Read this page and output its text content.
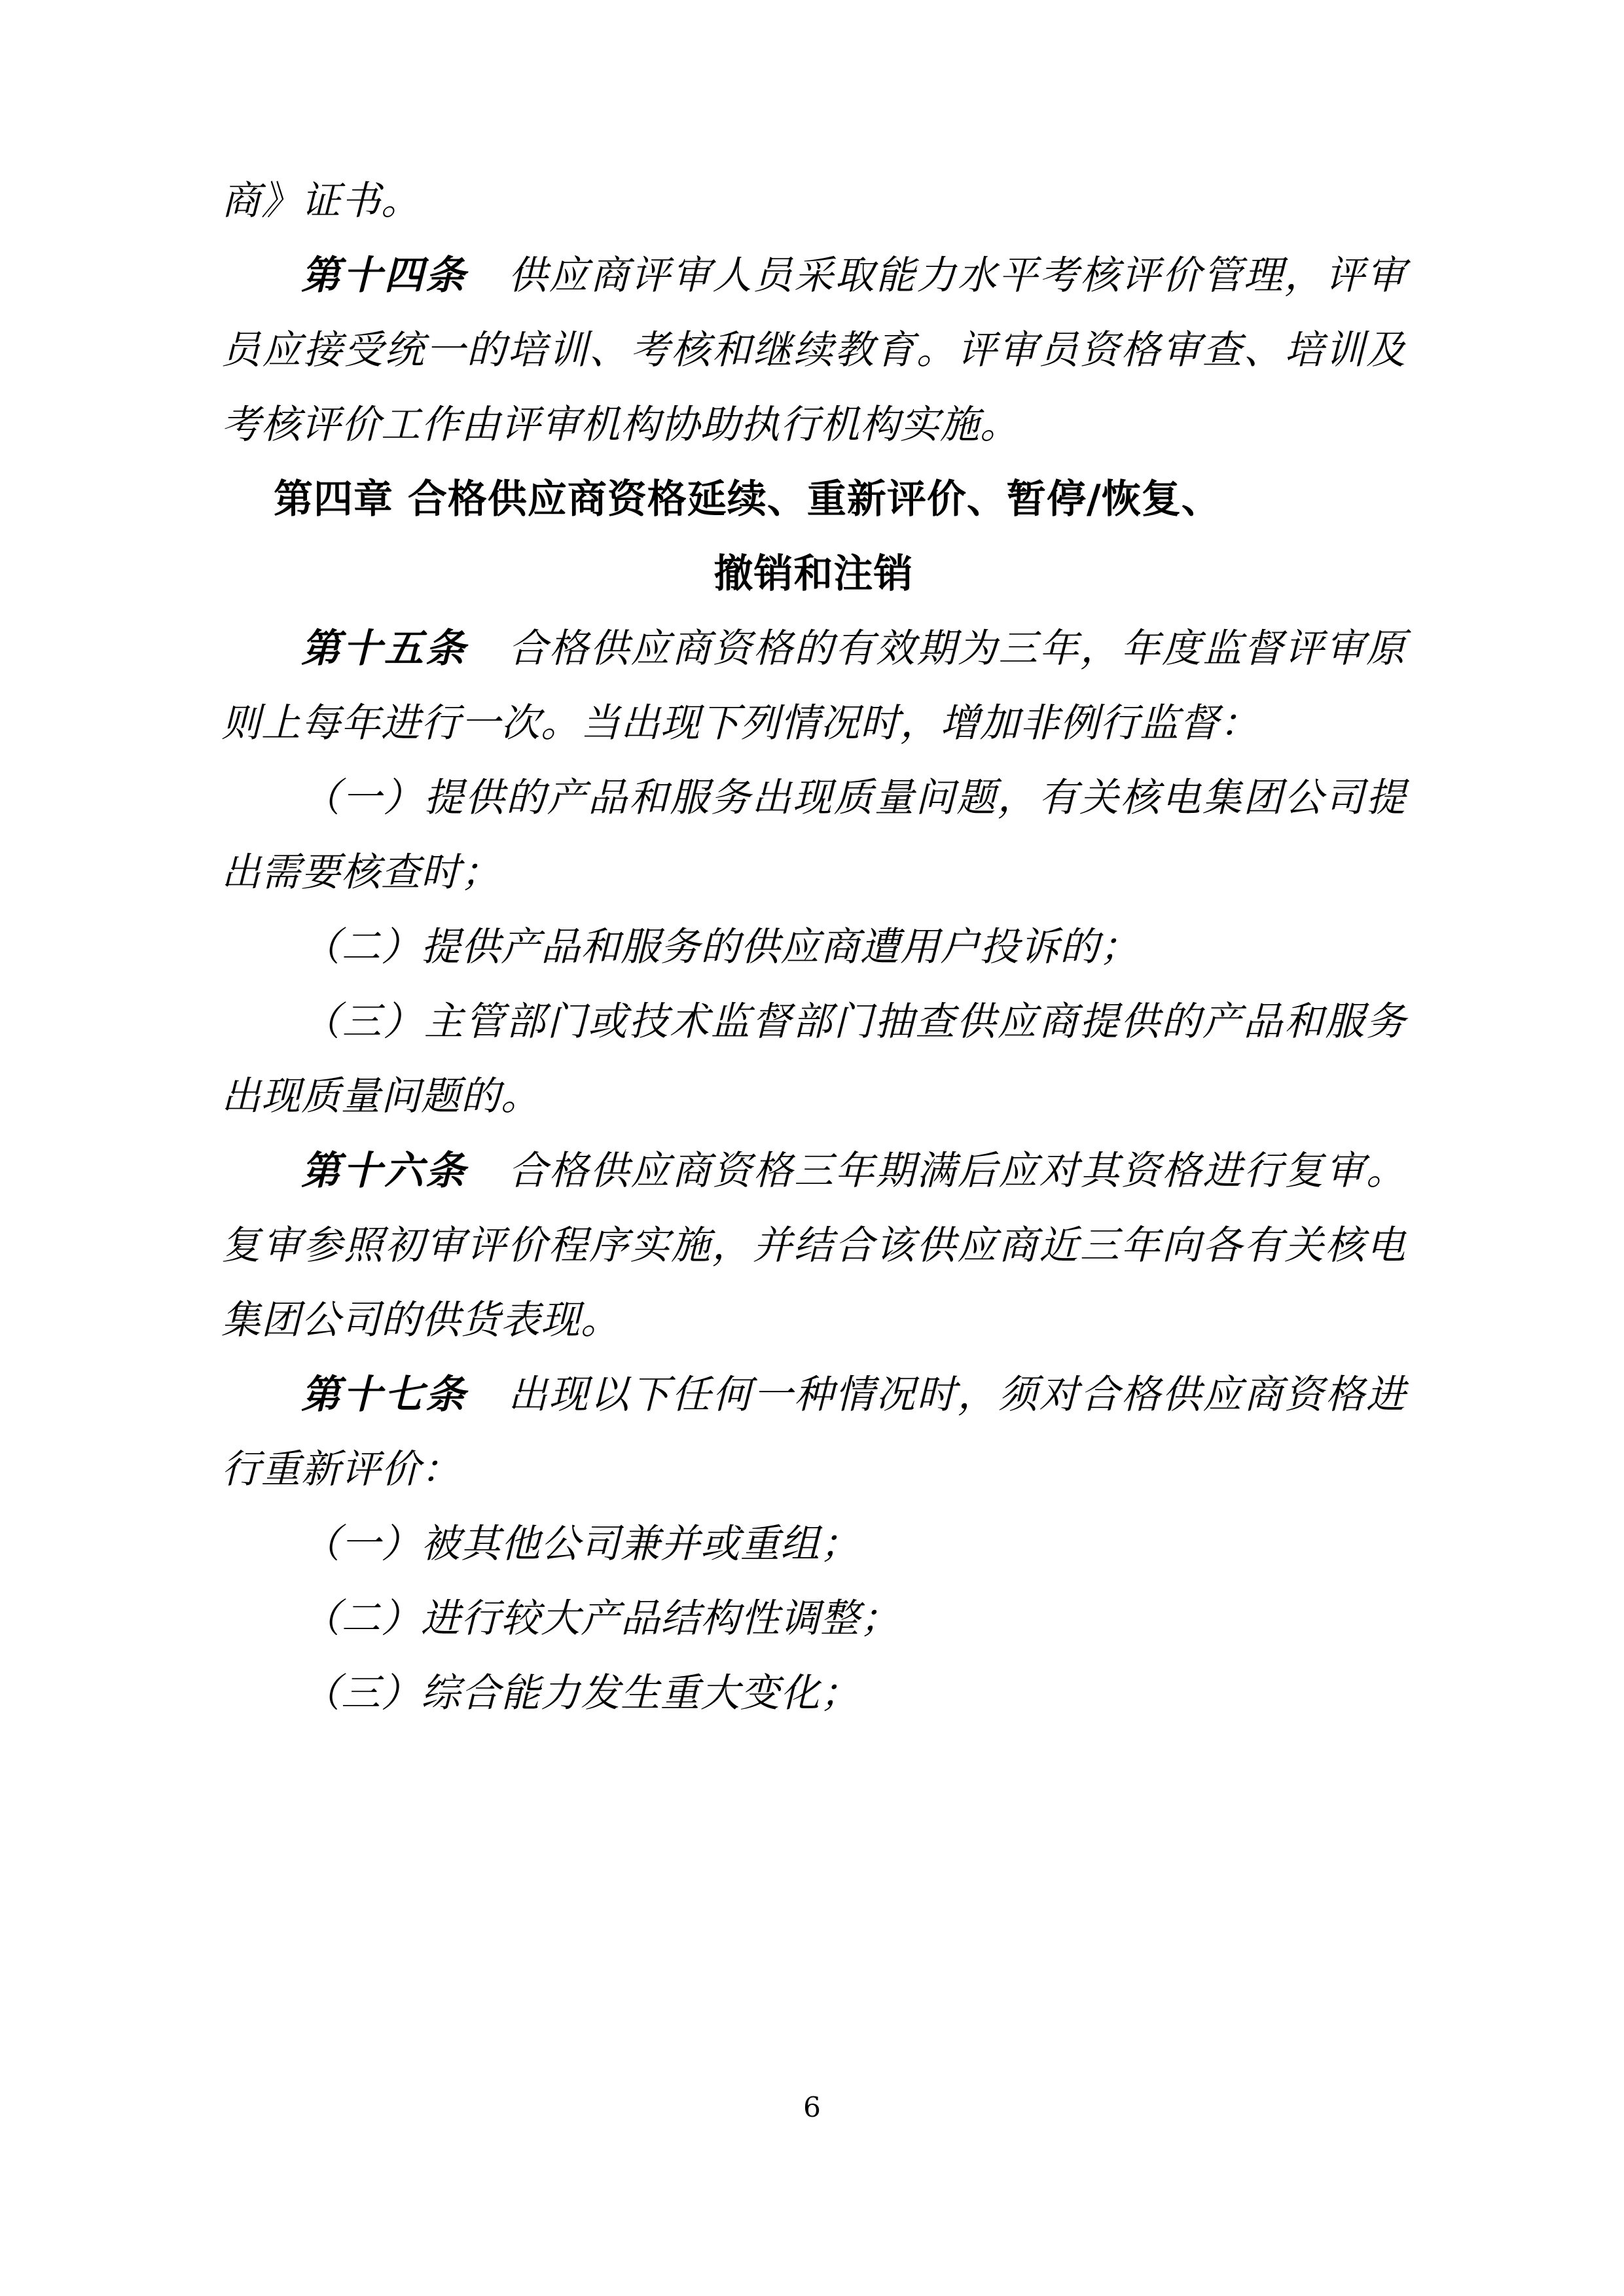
商》证书。

第十四条　供应商评审人员采取能力水平考核评价管理，评审员应接受统一的培训、考核和继续教育。评审员资格审查、培训及考核评价工作由评审机构协助执行机构实施。

第四章 合格供应商资格延续、重新评价、暂停/恢复、

撤销和注销

第十五条　合格供应商资格的有效期为三年，年度监督评审原则上每年进行一次。当出现下列情况时，增加非例行监督：

（一）提供的产品和服务出现质量问题，有关核电集团公司提出需要核查时；

（二）提供产品和服务的供应商遭用户投诉的；

（三）主管部门或技术监督部门抽查供应商提供的产品和服务出现质量问题的。

第十六条　合格供应商资格三年期满后应对其资格进行复审。复审参照初审评价程序实施，并结合该供应商近三年向各有关核电集团公司的供货表现。

第十七条　出现以下任何一种情况时，须对合格供应商资格进行重新评价：

（一）被其他公司兼并或重组；

（二）进行较大产品结构性调整；

（三）综合能力发生重大变化；

6
